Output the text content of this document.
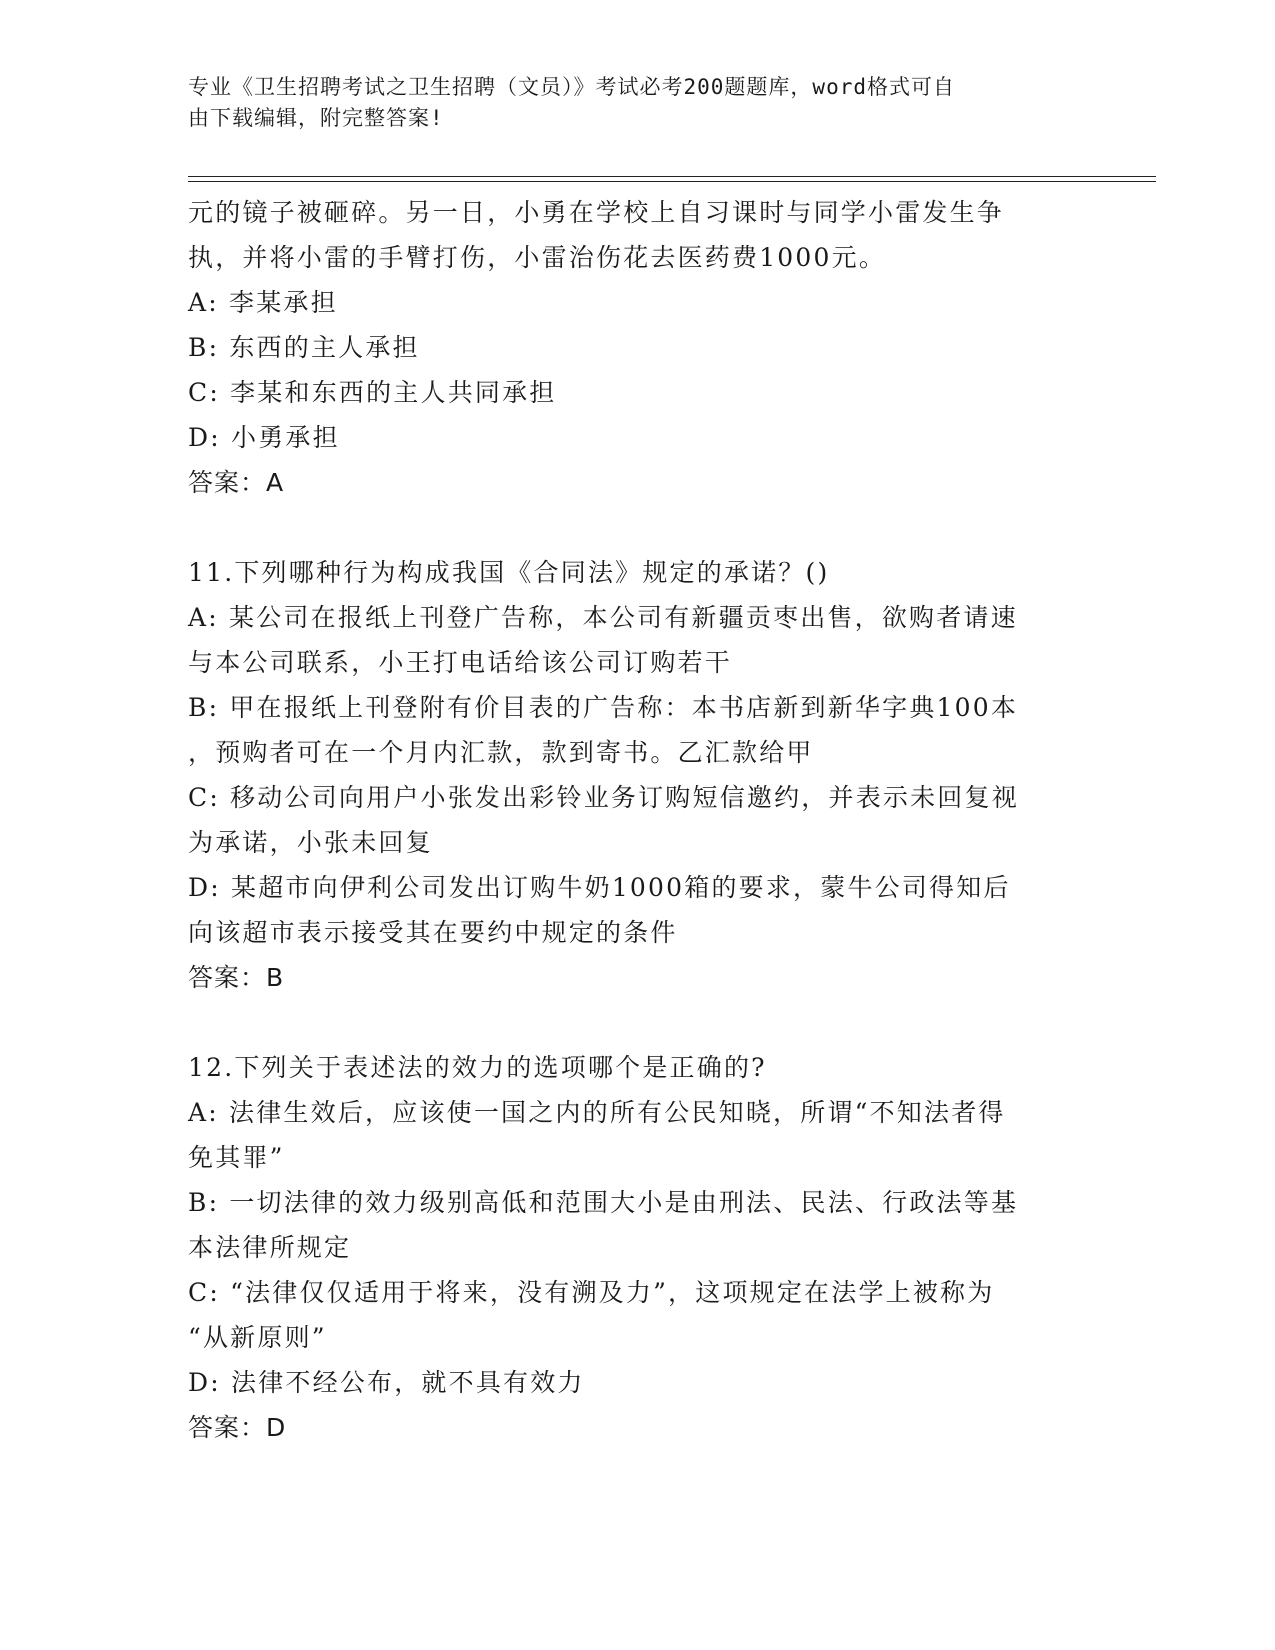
专业《卫生招聘考试之卫生招聘（文员）》考试必考200题题库，word格式可自
由下载编辑，附完整答案!
元的镜子被砸碎。另一日，小勇在学校上自习课时与同学小雷发生争
执，并将小雷的手臂打伤，小雷治伤花去医药费1000元。
A: 李某承担
B: 东西的主人承担
C: 李某和东西的主人共同承担
D: 小勇承担
答案：A
11.下列哪种行为构成我国《合同法》规定的承诺？()
A: 某公司在报纸上刊登广告称，本公司有新疆贡枣出售，欲购者请速
与本公司联系，小王打电话给该公司订购若干
B: 甲在报纸上刊登附有价目表的广告称：本书店新到新华字典100本
，预购者可在一个月内汇款，款到寄书。乙汇款给甲
C: 移动公司向用户小张发出彩铃业务订购短信邀约，并表示未回复视
为承诺，小张未回复
D: 某超市向伊利公司发出订购牛奶1000箱的要求，蒙牛公司得知后
向该超市表示接受其在要约中规定的条件
答案：B
12.下列关于表述法的效力的选项哪个是正确的?
A: 法律生效后，应该使一国之内的所有公民知晓，所谓“不知法者得
免其罪”
B: 一切法律的效力级别高低和范围大小是由刑法、民法、行政法等基
本法律所规定
C: “法律仅仅适用于将来，没有溯及力”，这项规定在法学上被称为
“从新原则”
D: 法律不经公布，就不具有效力
答案：D
